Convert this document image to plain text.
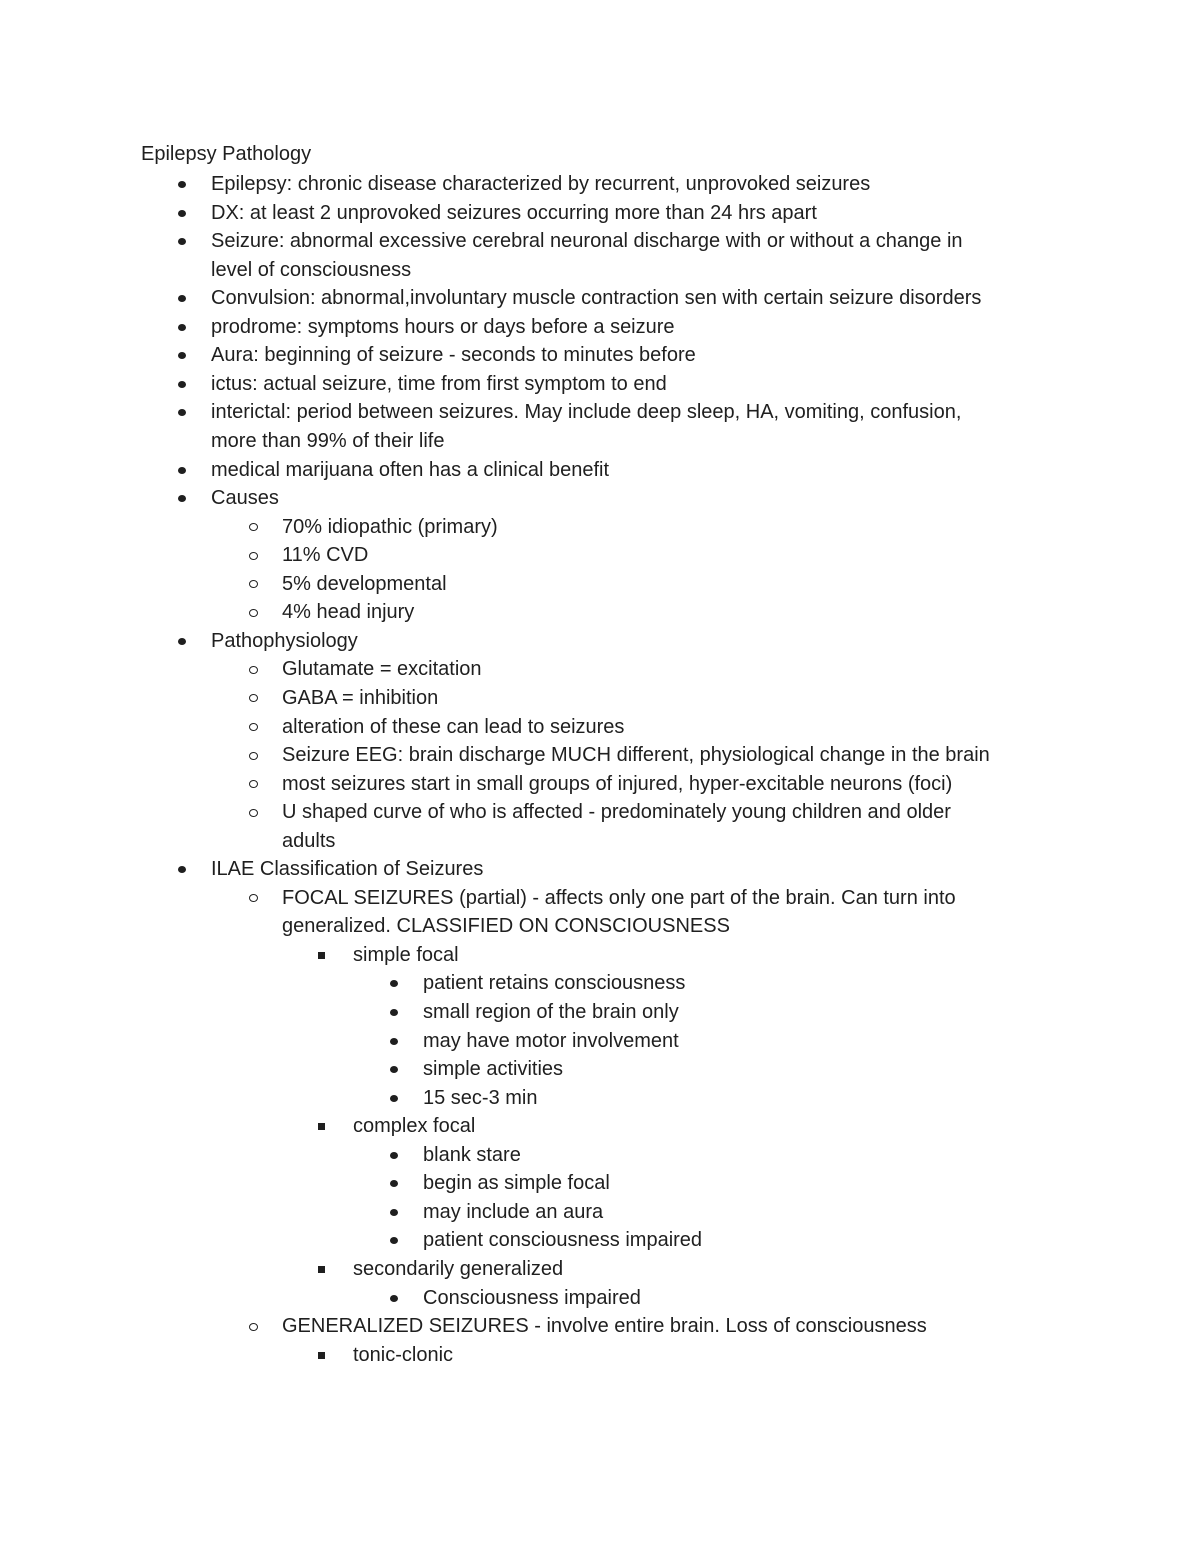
Epilepsy Pathology
Epilepsy: chronic disease characterized by recurrent, unprovoked seizures
DX: at least 2 unprovoked seizures occurring more than 24 hrs apart
Seizure: abnormal excessive cerebral neuronal discharge with or without a change in
level of consciousness
Convulsion: abnormal,involuntary muscle contraction sen with certain seizure disorders
prodrome: symptoms hours or days before a seizure
Aura: beginning of seizure - seconds to minutes before
ictus: actual seizure, time from first symptom to end
interictal: period between seizures. May include deep sleep, HA, vomiting, confusion,
more than 99% of their life
medical marijuana often has a clinical benefit
Causes
70% idiopathic (primary)
11% CVD
5% developmental
4% head injury
Pathophysiology
Glutamate = excitation
GABA = inhibition
alteration of these can lead to seizures
Seizure EEG: brain discharge MUCH different, physiological change in the brain
most seizures start in small groups of injured, hyper-excitable neurons (foci)
U shaped curve of who is affected - predominately young children and older
adults
ILAE Classification of Seizures
FOCAL SEIZURES (partial) - affects only one part of the brain. Can turn into
generalized. CLASSIFIED ON CONSCIOUSNESS
simple focal
patient retains consciousness
small region of the brain only
may have motor involvement
simple activities
15 sec-3 min
complex focal
blank stare
begin as simple focal
may include an aura
patient consciousness impaired
secondarily generalized
Consciousness impaired
GENERALIZED SEIZURES - involve entire brain. Loss of consciousness
tonic-clonic
